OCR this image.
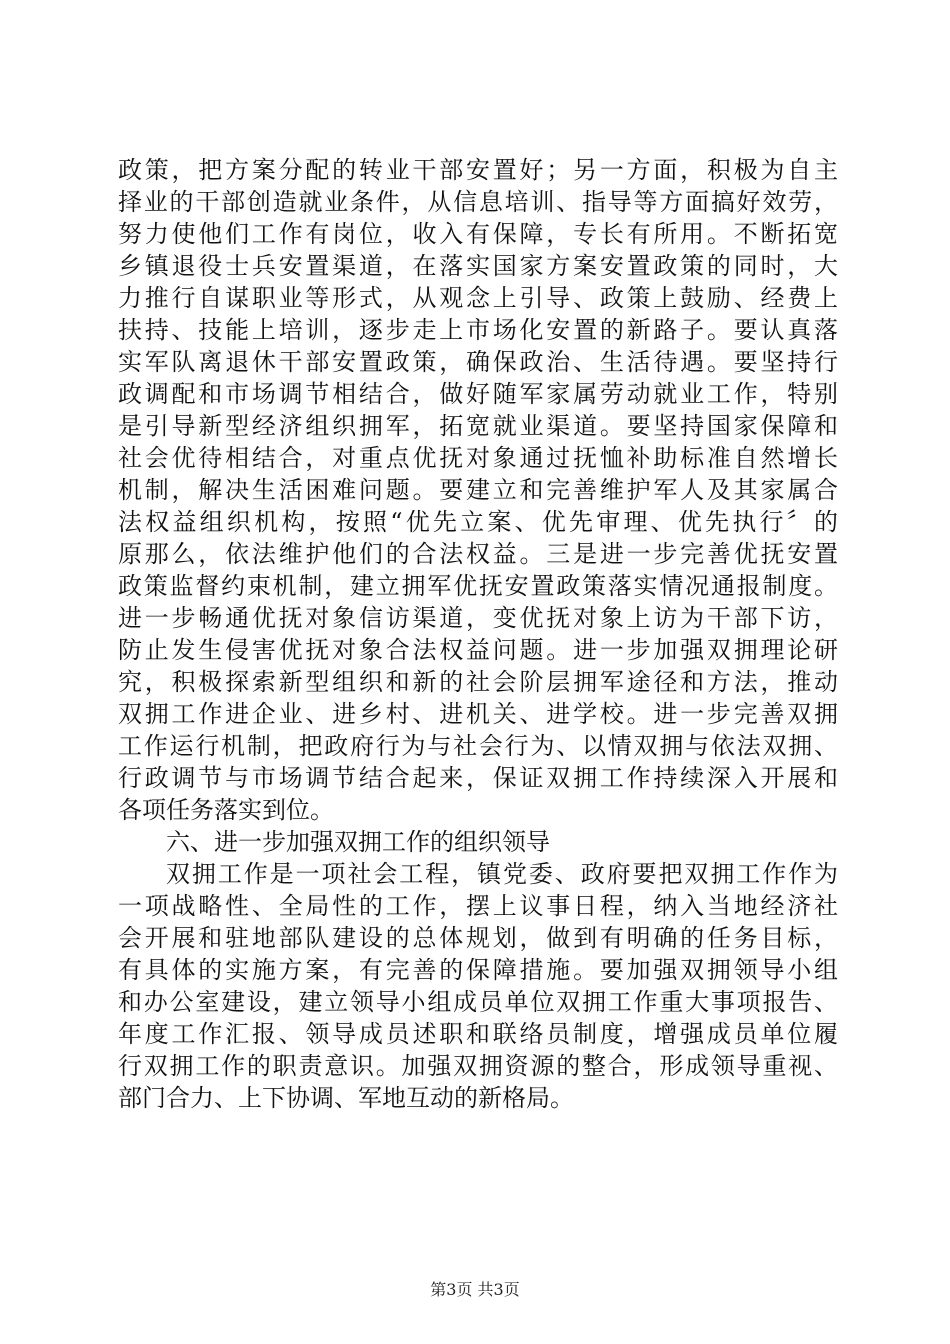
政策，把方案分配的转业干部安置好；另一方面，积极为自主
择业的干部创造就业条件，从信息培训、指导等方面搞好效劳，
努力使他们工作有岗位，收入有保障，专长有所用。不断拓宽
乡镇退役士兵安置渠道，在落实国家方案安置政策的同时，大
力推行自谋职业等形式，从观念上引导、政策上鼓励、经费上
扶持、技能上培训，逐步走上市场化安置的新路子。要认真落
实军队离退休干部安置政策，确保政治、生活待遇。要坚持行
政调配和市场调节相结合，做好随军家属劳动就业工作，特别
是引导新型经济组织拥军，拓宽就业渠道。要坚持国家保障和
社会优待相结合，对重点优抚对象通过抚恤补助标准自然增长
机制，解决生活困难问题。要建立和完善维护军人及其家属合
法权益组织机构，按照“优先立案、优先审理、优先执行〞的
原那么，依法维护他们的合法权益。三是进一步完善优抚安置
政策监督约束机制，建立拥军优抚安置政策落实情况通报制度。
进一步畅通优抚对象信访渠道，变优抚对象上访为干部下访，
防止发生侵害优抚对象合法权益问题。进一步加强双拥理论研
究，积极探索新型组织和新的社会阶层拥军途径和方法，推动
双拥工作进企业、进乡村、进机关、进学校。进一步完善双拥
工作运行机制，把政府行为与社会行为、以情双拥与依法双拥、
行政调节与市场调节结合起来，保证双拥工作持续深入开展和
各项任务落实到位。
六、进一步加强双拥工作的组织领导
双拥工作是一项社会工程，镇党委、政府要把双拥工作作为
一项战略性、全局性的工作，摆上议事日程，纳入当地经济社
会开展和驻地部队建设的总体规划，做到有明确的任务目标，
有具体的实施方案，有完善的保障措施。要加强双拥领导小组
和办公室建设，建立领导小组成员单位双拥工作重大事项报告、
年度工作汇报、领导成员述职和联络员制度，增强成员单位履
行双拥工作的职责意识。加强双拥资源的整合，形成领导重视、
部门合力、上下协调、军地互动的新格局。
第3页 共3页
